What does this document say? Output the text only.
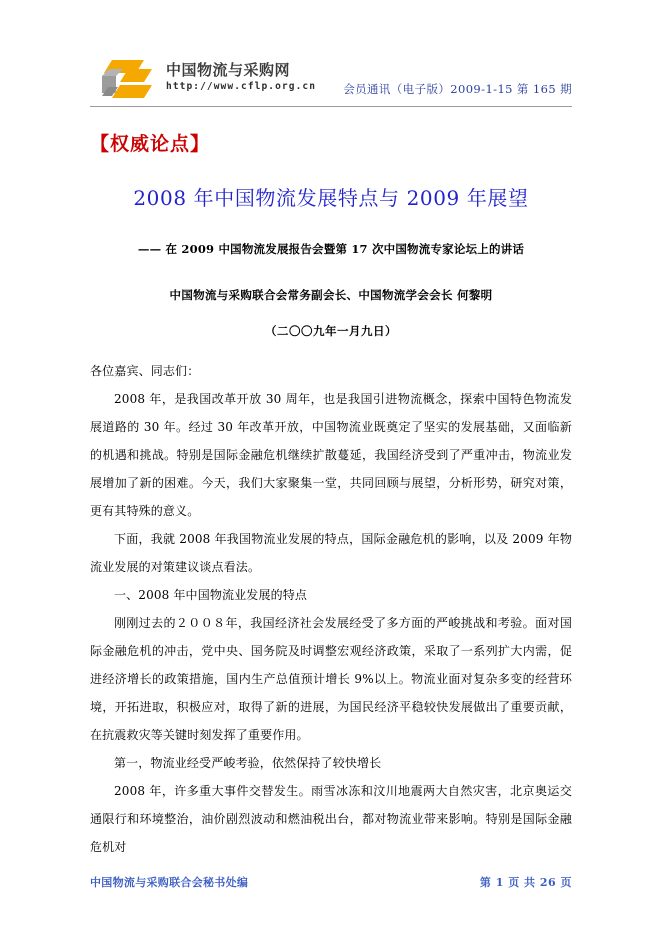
中国物流与采购网
http://www.cflp.org.cn 会员通讯（电子版）2009-1-15 第 165 期
【权威论点】
2008 年中国物流发展特点与 2009 年展望
—— 在 2009 中国物流发展报告会暨第 17 次中国物流专家论坛上的讲话
中国物流与采购联合会常务副会长、中国物流学会会长 何黎明
（二〇〇九年一月九日）

各位嘉宾、同志们：

2008 年，是我国改革开放 30 周年，也是我国引进物流概念，探索中国特色物流发展道路的 30 年。经过 30 年改革开放，中国物流业既奠定了坚实的发展基础，又面临新的机遇和挑战。特别是国际金融危机继续扩散蔓延，我国经济受到了严重冲击，物流业发展增加了新的困难。今天，我们大家聚集一堂，共同回顾与展望，分析形势，研究对策，更有其特殊的意义。

下面，我就 2008 年我国物流业发展的特点，国际金融危机的影响，以及 2009 年物流业发展的对策建议谈点看法。

一、2008 年中国物流业发展的特点

刚刚过去的２００８年，我国经济社会发展经受了多方面的严峻挑战和考验。面对国际金融危机的冲击，党中央、国务院及时调整宏观经济政策，采取了一系列扩大内需，促进经济增长的政策措施，国内生产总值预计增长 9%以上。物流业面对复杂多变的经营环境，开拓进取，积极应对，取得了新的进展，为国民经济平稳较快发展做出了重要贡献，在抗震救灾等关键时刻发挥了重要作用。

第一，物流业经受严峻考验，依然保持了较快增长

2008 年，许多重大事件交替发生。雨雪冰冻和汶川地震两大自然灾害，北京奥运交通限行和环境整治，油价剧烈波动和燃油税出台，都对物流业带来影响。特别是国际金融危机对

中国物流与采购联合会秘书处编	第 1 页 共 26 页
